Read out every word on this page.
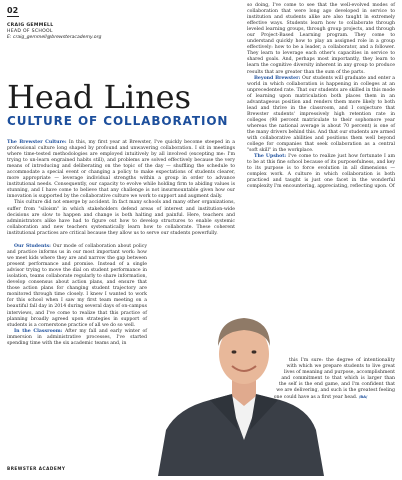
02
CRAIG GEMMELL
HEAD OF SCHOOL
E: craig_gemmell@brewsteracademy.org
Head Lines
CULTURE OF COLLABORATION

The Brewster Culture: In this, my first year at Brewster, I've quickly become steeped in a professional culture long shaped by profound and unwavering collaboration. I sit in meetings where time-tested methodologies are employed intuitively by all involved (excepting me: I'm trying to un-learn engrained habits still), and problems are solved effectively because the very means of introducing and deliberating on the topic of the day — shuffling the schedule to accommodate a special event or changing a policy to make expectations of students clearer, more appropriate — leverage individual strengths within a group in order to advance institutional needs. Consequently, our capacity to evolve while holding firm to abiding values is stunning, and I have come to believe that any challenge is not insurmountable given how our innovation is supported by the collaborative culture we work to support and augment daily.

This culture did not emerge by accident. In fact many schools and many other organizations, suffer from "siloism" in which stakeholders defend areas of interest and institution-wide decisions are slow to happen and change is both halting and painful. Here, teachers and administrators alike have had to figure out how to develop structures to enable systemic collaboration and new teachers systematically learn how to collaborate. These coherent institutional practices are critical because they allow us to serve our students powerfully.

Our Students: Our mode of collaboration about policy and practice informs us in our most important work: how we meet kids where they are and narrow the gap between present performance and promise. Instead of a single advisor trying to move the dial on student performance in isolation, teams collaborate regularly to share information, develop consensus about action plans, and ensure that those action plans for changing student trajectory are monitored through time closely. I knew I wanted to work for this school when I saw my first team meeting on a beautiful fall day in 2014 during several days of on-campus interviews, and I've come to realize that this practice of planning broadly agreed upon strategies in support of students is a cornerstone practice of all we do so well.

In the Classroom: After my fall and early winter of immersion in administrative processes, I've started spending time with the six academic teams and, in

so doing, I've come to see that the well-evolved modes of collaboration that were long ago developed in service to institution and students alike are also taught in extremely effective ways. Students learn how to collaborate through leveled learning groups, through group projects, and through our Project-Based Learning program. They come to understand quickly how to play an assigned role in a group effectively: how to be a leader, a collaborator, and a follower. They learn to leverage each other's capacities in service to shared goals. And, perhaps most importantly, they learn to learn the cognitive diversity inherent in any group to produce results that are greater than the sum of the parts.

Beyond Brewster: Our students will graduate and enter a world in which collaboration is happening in colleges at an unprecedented rate. That our students are skilled in this mode of learning upon matriculation both places them in an advantageous position and renders them more likely to both lead and thrive in the classroom, and I conjecture that Brewster students' impressively high retention rate in colleges (98 percent matriculate to their sophomore year whereas the national average is about 70 percent) is one of the many drivers behind this. And that our students are armed with collaborative abilities and positions them well beyond college for companies that seek collaboration as a central "soft skill" in the workplace.

The Upshot: I've come to realize just how fortunate I am to be at this fine school because of its purposefulness, and key to its purpose is to force evolution in all dimensions — complex work. A culture in which collaboration is both practiced and taught is just one facet in the wonderful complexity I'm encountering, appreciating, reflecting upon. Of

this I'm sure: the degree of intentionality with which we prepare students to live great lives of meaning and purpose, accomplishment and commitment to that which is larger than the self is the end game, and I'm confident that we are delivering, and such is the greatest feeling one could have as a first year head. /BA/

BREWSTER ACADEMY
